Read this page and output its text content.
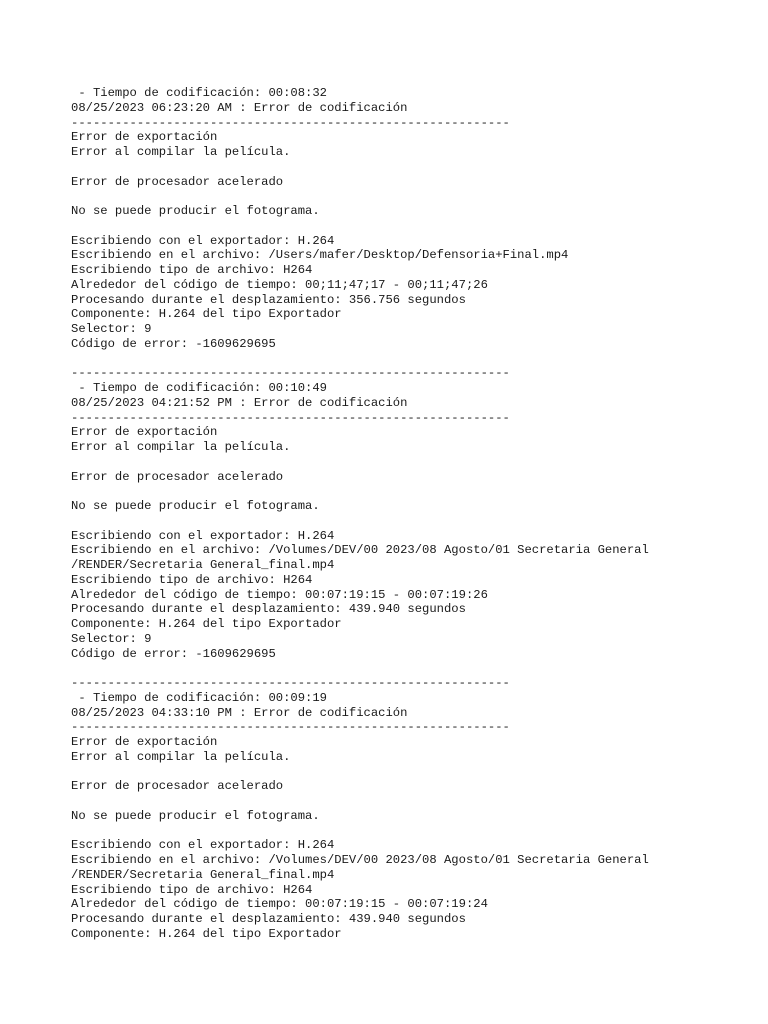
- Tiempo de codificación: 00:08:32
08/25/2023 06:23:20 AM : Error de codificación
------------------------------------------------------------
Error de exportación
Error al compilar la película.
Error de procesador acelerado
No se puede producir el fotograma.
Escribiendo con el exportador: H.264
Escribiendo en el archivo: /Users/mafer/Desktop/Defensoria+Final.mp4
Escribiendo tipo de archivo: H264
Alrededor del código de tiempo: 00;11;47;17 - 00;11;47;26
Procesando durante el desplazamiento: 356.756 segundos
Componente: H.264 del tipo Exportador
Selector: 9
Código de error: -1609629695
------------------------------------------------------------
- Tiempo de codificación: 00:10:49
08/25/2023 04:21:52 PM : Error de codificación
------------------------------------------------------------
Error de exportación
Error al compilar la película.
Error de procesador acelerado
No se puede producir el fotograma.
Escribiendo con el exportador: H.264
Escribiendo en el archivo: /Volumes/DEV/00 2023/08 Agosto/01 Secretaria General
/RENDER/Secretaria General_final.mp4
Escribiendo tipo de archivo: H264
Alrededor del código de tiempo: 00:07:19:15 - 00:07:19:26
Procesando durante el desplazamiento: 439.940 segundos
Componente: H.264 del tipo Exportador
Selector: 9
Código de error: -1609629695
------------------------------------------------------------
- Tiempo de codificación: 00:09:19
08/25/2023 04:33:10 PM : Error de codificación
------------------------------------------------------------
Error de exportación
Error al compilar la película.
Error de procesador acelerado
No se puede producir el fotograma.
Escribiendo con el exportador: H.264
Escribiendo en el archivo: /Volumes/DEV/00 2023/08 Agosto/01 Secretaria General
/RENDER/Secretaria General_final.mp4
Escribiendo tipo de archivo: H264
Alrededor del código de tiempo: 00:07:19:15 - 00:07:19:24
Procesando durante el desplazamiento: 439.940 segundos
Componente: H.264 del tipo Exportador
